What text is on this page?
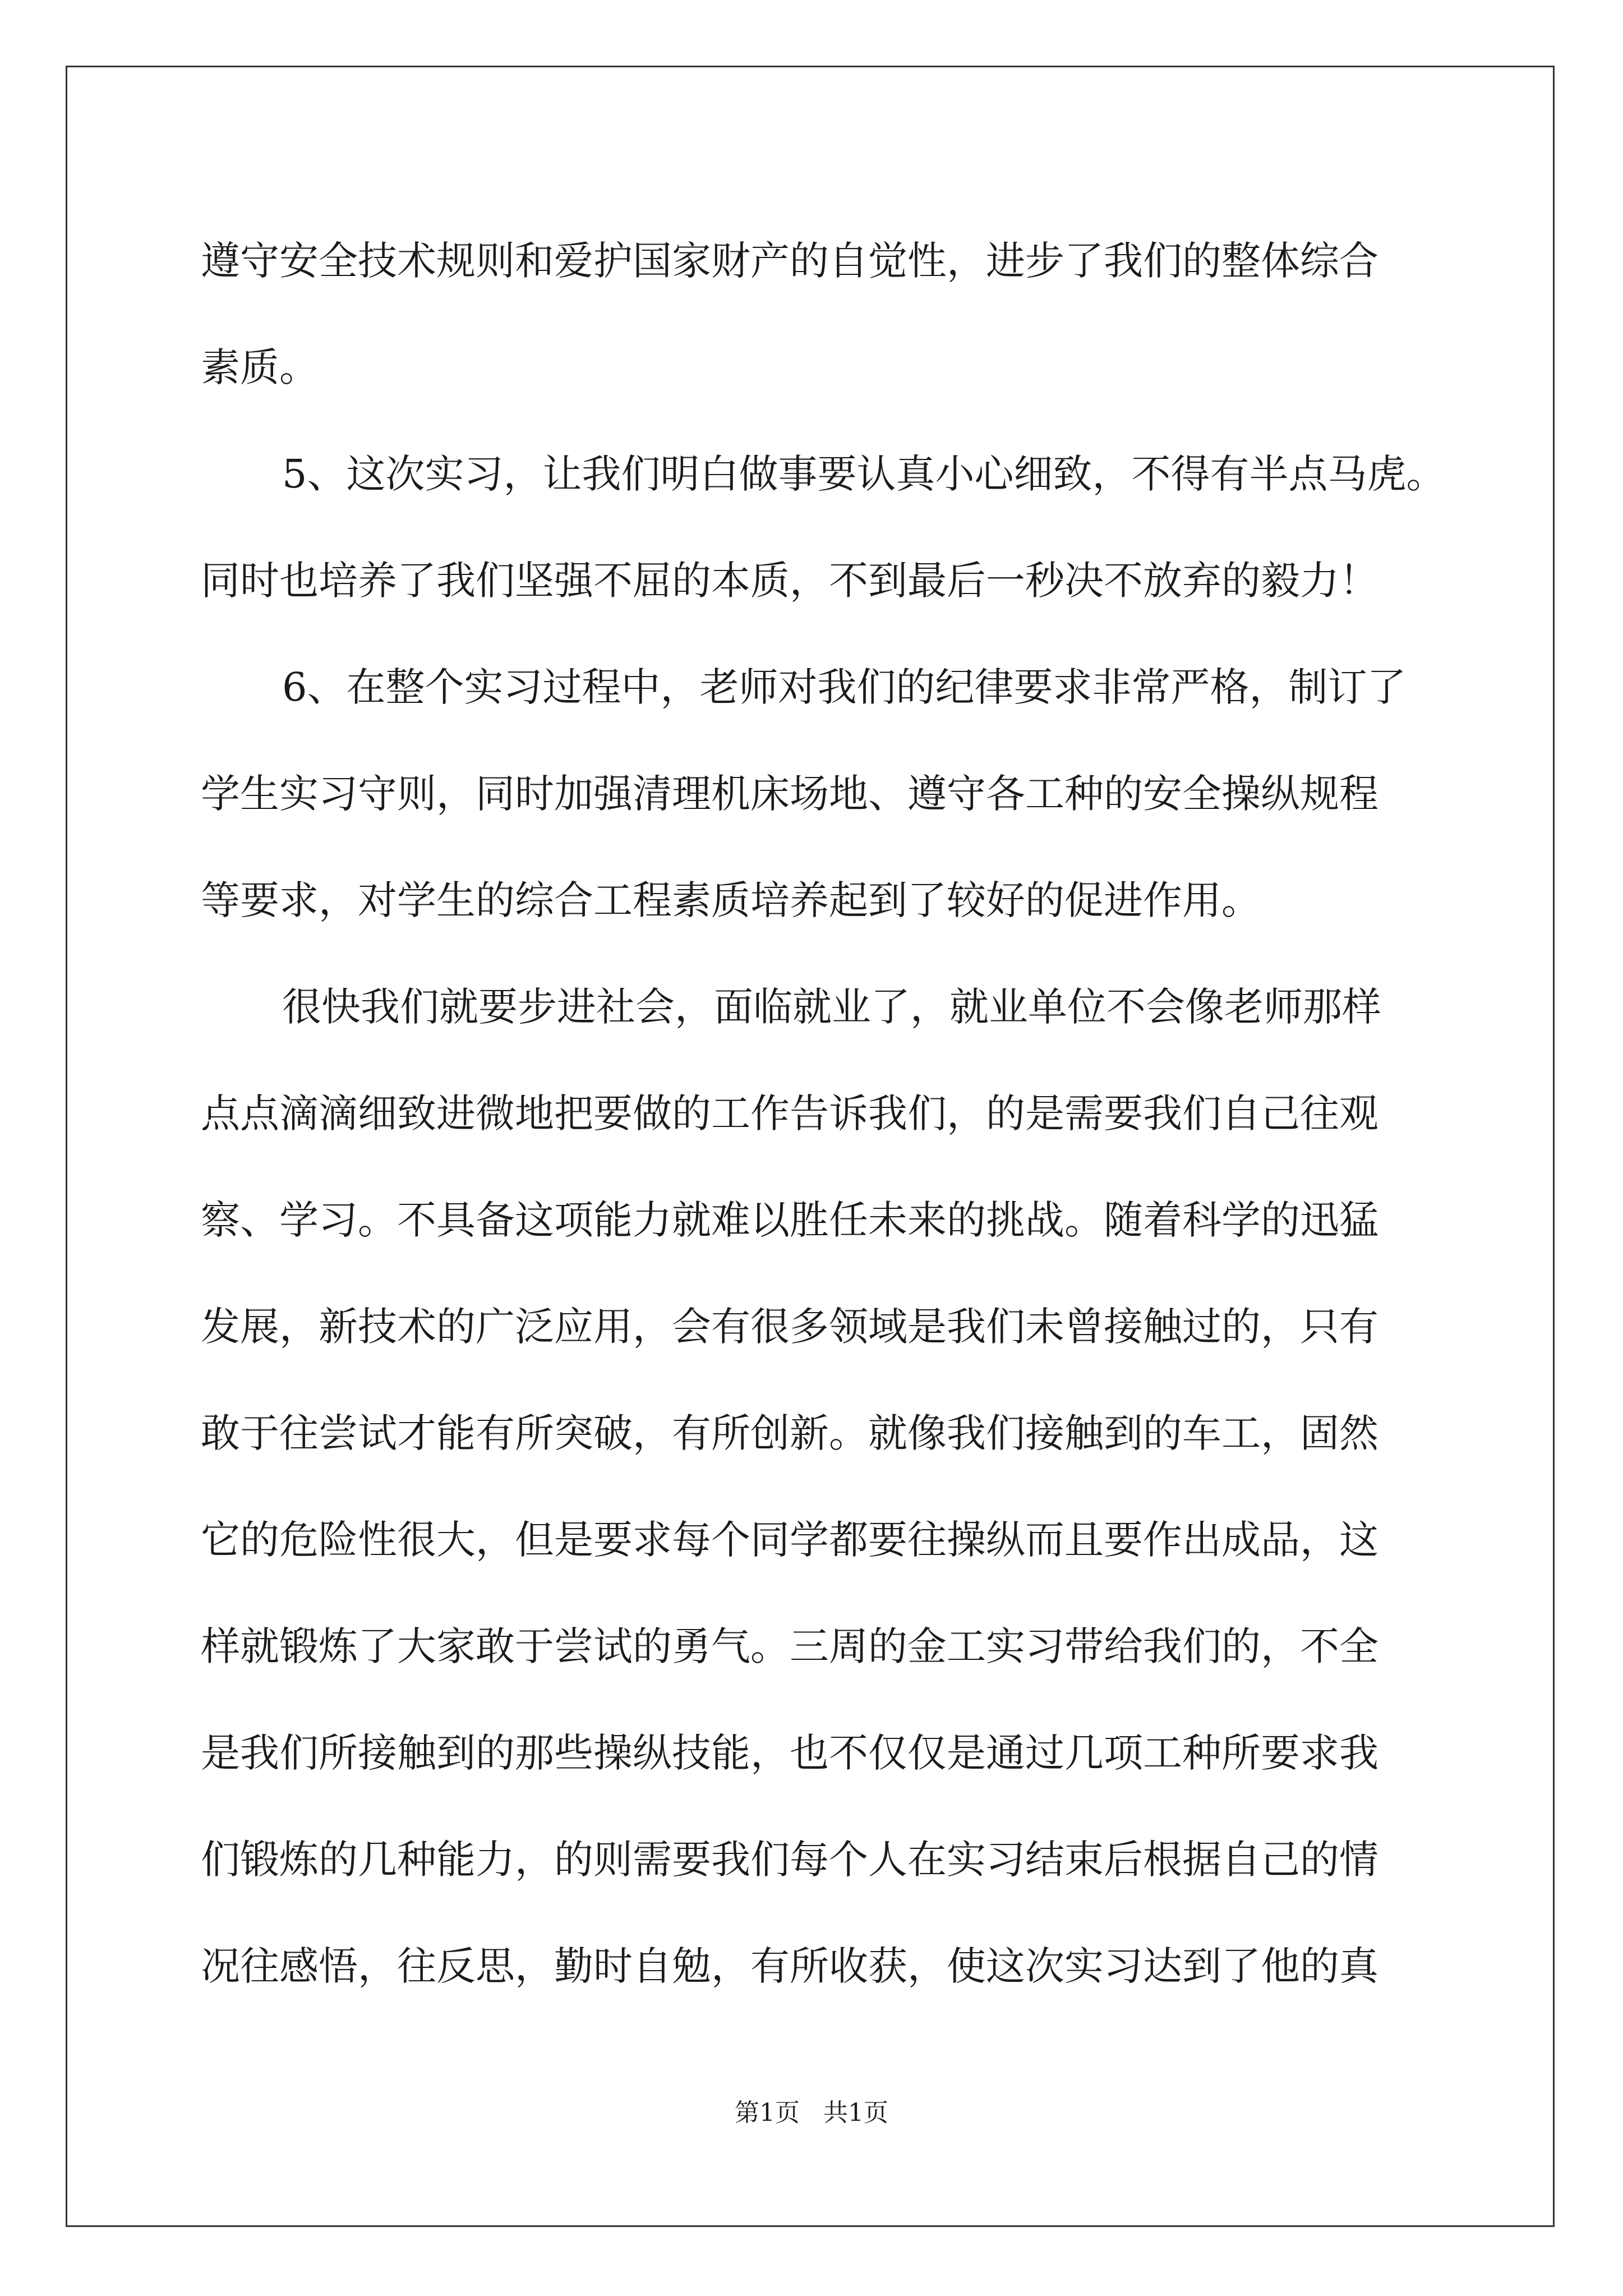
遵守安全技术规则和爱护国家财产的自觉性，进步了我们的整体综合
素质。
5、这次实习，让我们明白做事要认真小心细致，不得有半点马虎。
同时也培养了我们坚强不屈的本质，不到最后一秒决不放弃的毅力！
6、在整个实习过程中，老师对我们的纪律要求非常严格，制订了
学生实习守则，同时加强清理机床场地、遵守各工种的安全操纵规程
等要求，对学生的综合工程素质培养起到了较好的促进作用。
很快我们就要步进社会，面临就业了，就业单位不会像老师那样
点点滴滴细致进微地把要做的工作告诉我们，的是需要我们自己往观
察、学习。不具备这项能力就难以胜任未来的挑战。随着科学的迅猛
发展，新技术的广泛应用，会有很多领域是我们未曾接触过的，只有
敢于往尝试才能有所突破，有所创新。就像我们接触到的车工，固然
它的危险性很大，但是要求每个同学都要往操纵而且要作出成品，这
样就锻炼了大家敢于尝试的勇气。三周的金工实习带给我们的，不全
是我们所接触到的那些操纵技能，也不仅仅是通过几项工种所要求我
们锻炼的几种能力，的则需要我们每个人在实习结束后根据自己的情
况往感悟，往反思，勤时自勉，有所收获，使这次实习达到了他的真
第1页   共1页
